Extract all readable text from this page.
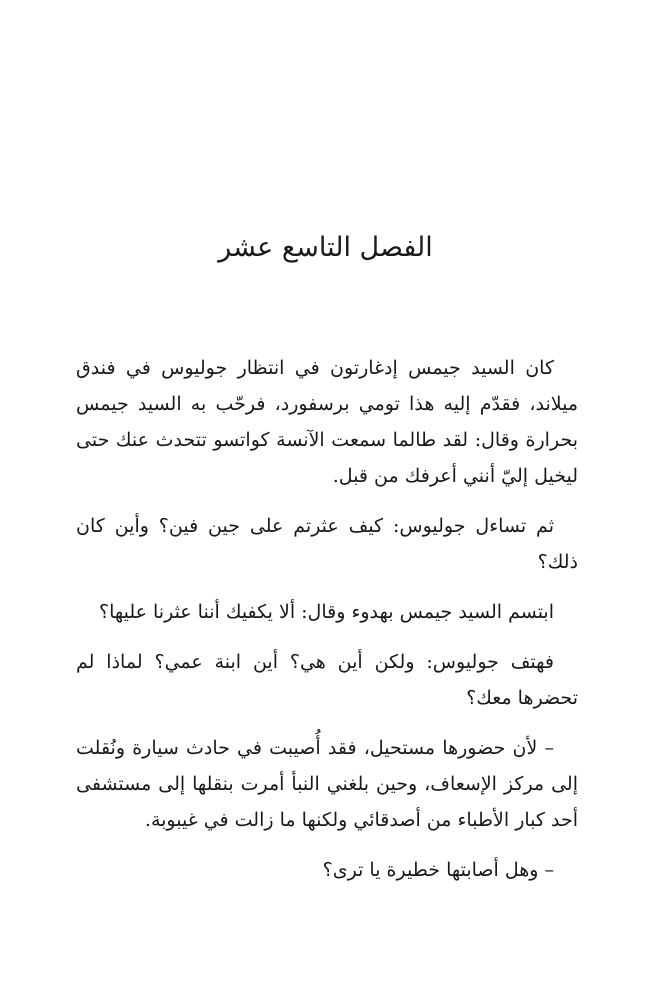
الفصل التاسع عشر

كان السيد جيمس إدغارتون في انتظار جوليوس في فندق ميلاند، فقدّم إليه هذا تومي برسفورد، فرحّب به السيد جيمس بحرارة وقال: لقد طالما سمعت الآنسة كواتسو تتحدث عنك حتى ليخيل إليّ أنني أعرفك من قبل.

ثم تساءل جوليوس: كيف عثرتم على جين فين؟ وأين كان ذلك؟

ابتسم السيد جيمس بهدوء وقال: ألا يكفيك أننا عثرنا عليها؟

فهتف جوليوس: ولكن أين هي؟ أين ابنة عمي؟ لماذا لم تحضرها معك؟

– لأن حضورها مستحيل، فقد أُصيبت في حادث سيارة ونُقلت إلى مركز الإسعاف، وحين بلغني النبأ أمرت بنقلها إلى مستشفى أحد كبار الأطباء من أصدقائي ولكنها ما زالت في غيبوبة.

– وهل أصابتها خطيرة يا ترى؟
